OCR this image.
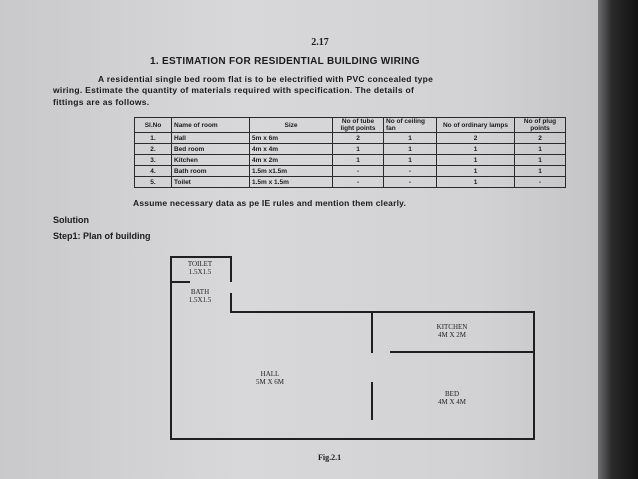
2.17
1. ESTIMATION FOR RESIDENTIAL BUILDING WIRING
A residential single bed room flat is to be electrified with PVC concealed type
wiring. Estimate the quantity of materials required with specification. The details of
fittings are as follows.
Sl.No	Name of room	Size	No of tube light points	No of ceiling fan	No of ordinary lamps	No of plug points
1.	Hall	5m x 6m	2	1	2	2
2.	Bed room	4m x 4m	1	1	1	1
3.	Kitchen	4m x 2m	1	1	1	1
4.	Bath room	1.5m x1.5m	-	-	1	1
5.	Toilet	1.5m x 1.5m	-	-	1	-
Assume necessary data as pe IE rules and mention them clearly.
Solution
Step1: Plan of building
TOILET
1.5X1.5
BATH
1.5X1.5
HALL
5M X 6M
KITCHEN
4M X 2M
BED
4M X 4M
Fig.2.1
